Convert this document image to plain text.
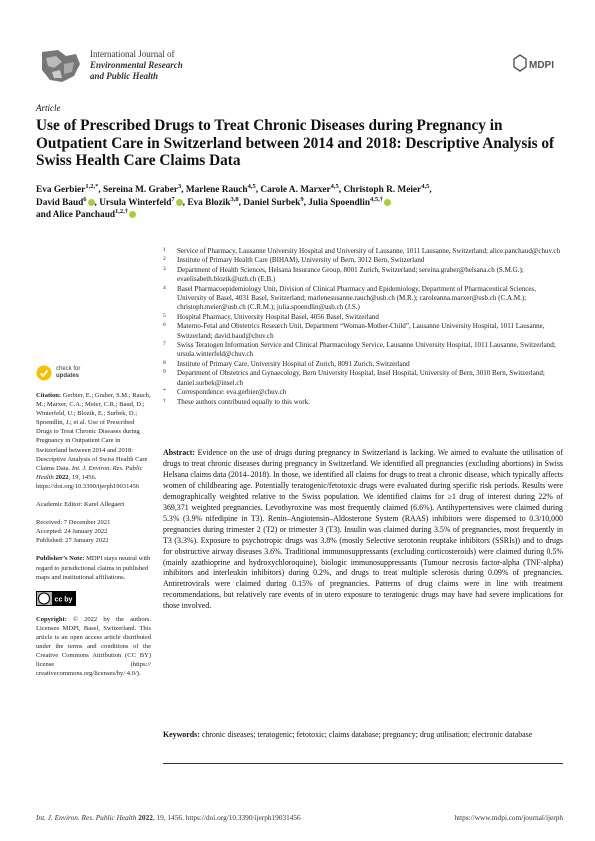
International Journal of
Environmental Research
and Public Health
MDPI
Article
Use of Prescribed Drugs to Treat Chronic Diseases during Pregnancy in Outpatient Care in Switzerland between 2014 and 2018: Descriptive Analysis of Swiss Health Care Claims Data
Eva Gerbier$^{1,2,*}$, Sereina M. Graber$^3$, Marlene Rauch$^{4,5}$, Carole A. Marxer$^{4,5}$, Christoph R. Meier$^{4,5}$,
David Baud$^6$ , Ursula Winterfeld$^7$ , Eva Blozik$^{3,8}$, Daniel Surbek$^9$, Julia Spoendlin$^{4,5,\dagger}$
and Alice Panchaud$^{1,2,\dagger}$
1 Service of Pharmacy, Lausanne University Hospital and University of Lausanne, 1011 Lausanne, Switzerland; alice.panchaud@chuv.ch
2 Institute of Primary Health Care (BIHAM), University of Bern, 3012 Bern, Switzerland
3 Department of Health Sciences, Helsana Insurance Group, 8001 Zurich, Switzerland; sereina.graber@helsana.ch (S.M.G.); evaelisabeth.blozik@uzh.ch (E.B.)
4 Basel Pharmacoepidemiology Unit, Division of Clinical Pharmacy and Epidemiology, Department of Pharmaceutical Sciences, University of Basel, 4031 Basel, Switzerland; marlenesusanne.rauch@usb.ch (M.R.); caroleanna.marxer@usb.ch (C.A.M.); christoph.meier@usb.ch (C.R.M.); julia.spoendlin@usb.ch (J.S.)
5 Hospital Pharmacy, University Hospital Basel, 4056 Basel, Switzerland
6 Materno-Fetal and Obstetrics Research Unit, Department “Woman-Mother-Child”, Lausanne University Hospital, 1011 Lausanne, Switzerland; david.baud@chuv.ch
7 Swiss Teratogen Information Service and Clinical Pharmacology Service, Lausanne University Hospital, 1011 Lausanne, Switzerland; ursula.winterfeld@chuv.ch
8 Institute of Primary Care, University Hospital of Zurich, 8091 Zurich, Switzerland
9 Department of Obstetrics and Gynaecology, Bern University Hospital, Insel Hospital, University of Bern, 3010 Bern, Switzerland; daniel.surbek@insel.ch
* Correspondence: eva.gerbier@chuv.ch
† These authors contributed equally to this work.
check for
updates
Citation: Gerbier, E.; Graber, S.M.; Rauch, M.; Marxer, C.A.; Meier, C.R.; Baud, D.; Winterfeld, U.; Blozik, E.; Surbek, D.; Spoendlin, J.; et al. Use of Prescribed Drugs to Treat Chronic Diseases during Pregnancy in Outpatient Care in Switzerland between 2014 and 2018: Descriptive Analysis of Swiss Health Care Claims Data. Int. J. Environ. Res. Public Health 2022, 19, 1456. https://doi.org/10.3390/ijerph19031456
Academic Editor: Karel Allegaert
Received: 7 December 2021
Accepted: 24 January 2022
Published: 27 January 2022
Publisher’s Note: MDPI stays neutral with regard to jurisdictional claims in published maps and institutional affiliations.
cc by
Copyright: © 2022 by the authors. Licensee MDPI, Basel, Switzerland. This article is an open access article distributed under the terms and conditions of the Creative Commons Attribution (CC BY) license (https:// creativecommons.org/licenses/by/ 4.0/).

Abstract: Evidence on the use of drugs during pregnancy in Switzerland is lacking. We aimed to evaluate the utilisation of drugs to treat chronic diseases during pregnancy in Switzerland. We identified all pregnancies (excluding abortions) in Swiss Helsana claims data (2014–2018). In those, we identified all claims for drugs to treat a chronic disease, which typically affects women of childbearing age. Potentially teratogenic/fetotoxic drugs were evaluated during specific risk periods. Results were demographically weighted relative to the Swiss population. We identified claims for ≥1 drug of interest during 22% of 369,371 weighted pregnancies. Levothyroxine was most frequently claimed (6.6%). Antihypertensives were claimed during 5.3% (3.9% nifedipine in T3). Renin–Angiotensin–Aldosterone System (RAAS) inhibitors were dispensed to 0.3/10,000 pregnancies during trimester 2 (T2) or trimester 3 (T3). Insulin was claimed during 3.5% of pregnancies, most frequently in T3 (3.3%). Exposure to psychotropic drugs was 3.8% (mostly Selective serotonin reuptake inhibitors (SSRIs)) and to drugs for obstructive airway diseases 3.6%. Traditional immunosuppressants (excluding corticosteroids) were claimed during 0.5% (mainly azathioprine and hydroxychloroquine), biologic immunosuppressants (Tumour necrosis factor-alpha (TNF-alpha) inhibitors and interleukin inhibitors) during 0.2%, and drugs to treat multiple sclerosis during 0.09% of pregnancies. Antiretrovirals were claimed during 0.15% of pregnancies. Patterns of drug claims were in line with treatment recommendations, but relatively rare events of in utero exposure to teratogenic drugs may have had severe implications for those involved.

Keywords: chronic diseases; teratogenic; fetotoxic; claims database; pregnancy; drug utilisation; electronic database

Int. J. Environ. Res. Public Health 2022, 19, 1456. https://doi.org/10.3390/ijerph19031456	https://www.mdpi.com/journal/ijerph
